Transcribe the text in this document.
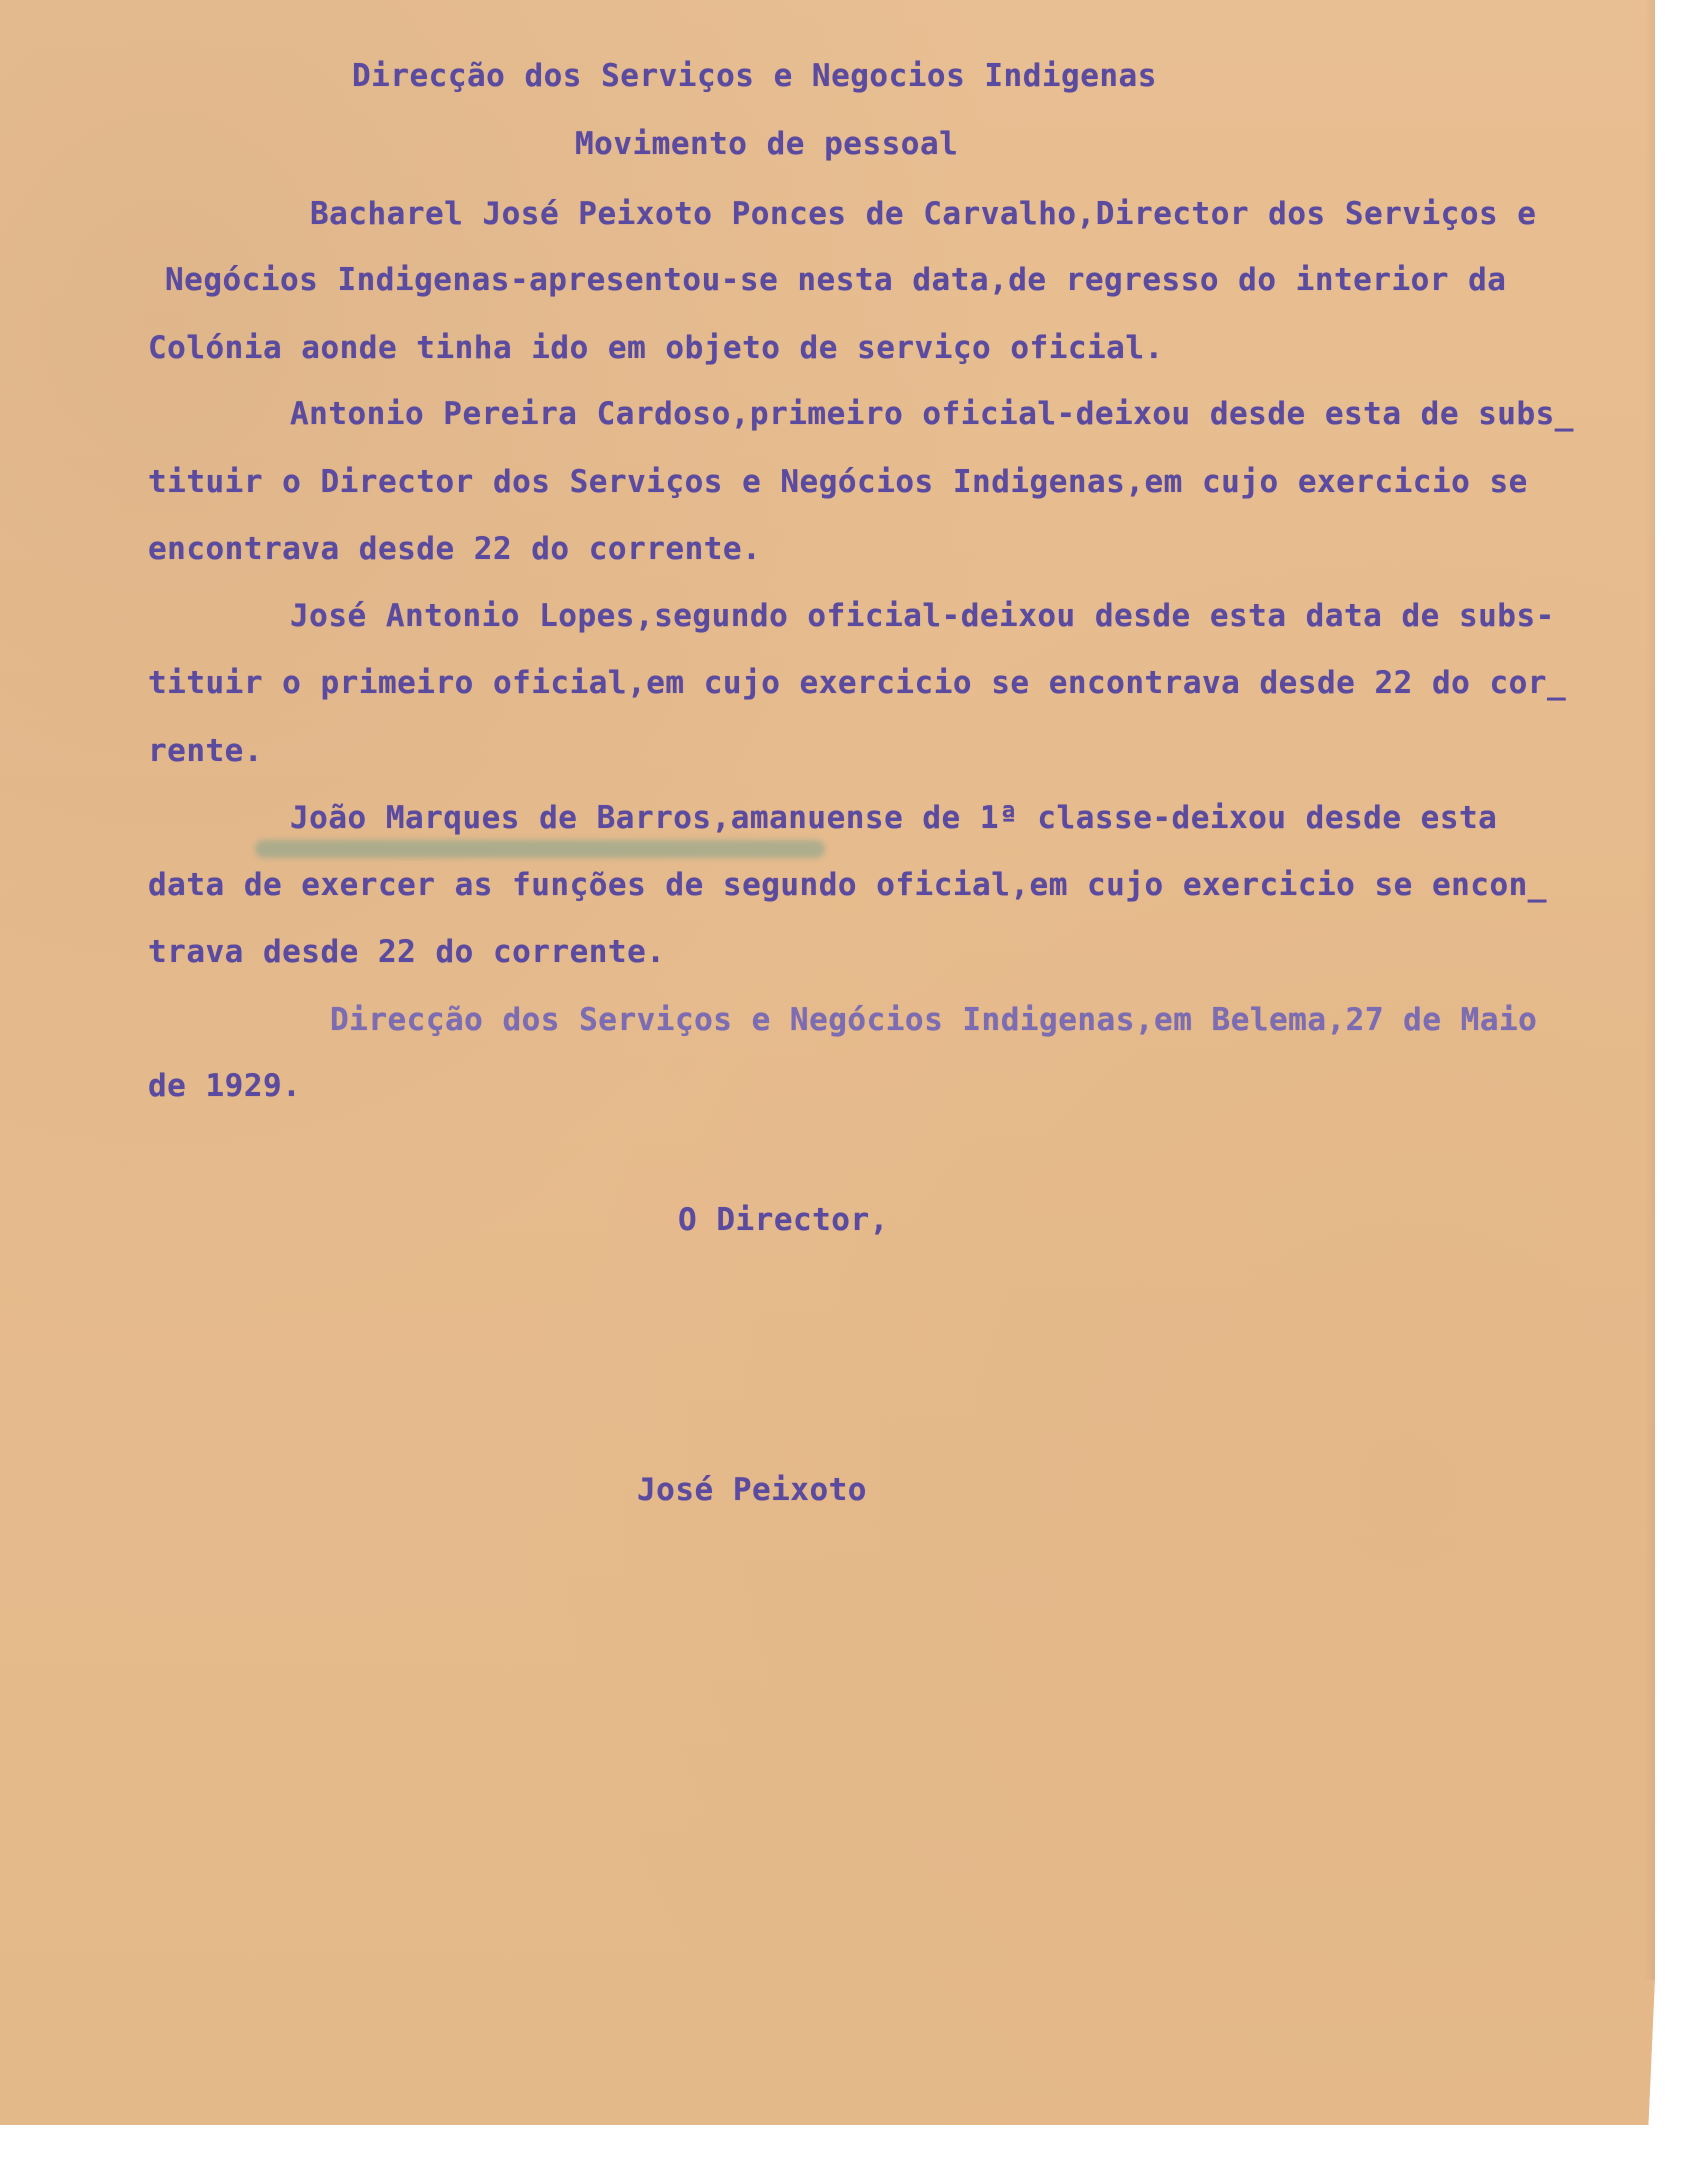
Direcção dos Serviços e Negocios Indigenas
Movimento de pessoal
Bacharel José Peixoto Ponces de Carvalho,Director dos Serviços e
Negócios Indigenas-apresentou-se nesta data,de regresso do interior da
Colónia aonde tinha ido em objeto de serviço oficial.
Antonio Pereira Cardoso,primeiro oficial-deixou desde esta de subs_
tituir o Director dos Serviços e Negócios Indigenas,em cujo exercicio se
encontrava desde 22 do corrente.
José Antonio Lopes,segundo oficial-deixou desde esta data de subs-
tituir o primeiro oficial,em cujo exercicio se encontrava desde 22 do cor_
rente.
João Marques de Barros,amanuense de 1ª classe-deixou desde esta
data de exercer as funções de segundo oficial,em cujo exercicio se encon_
trava desde 22 do corrente.
Direcção dos Serviços e Negócios Indigenas,em Belema,27 de Maio
de 1929.
O Director,
José Peixoto
